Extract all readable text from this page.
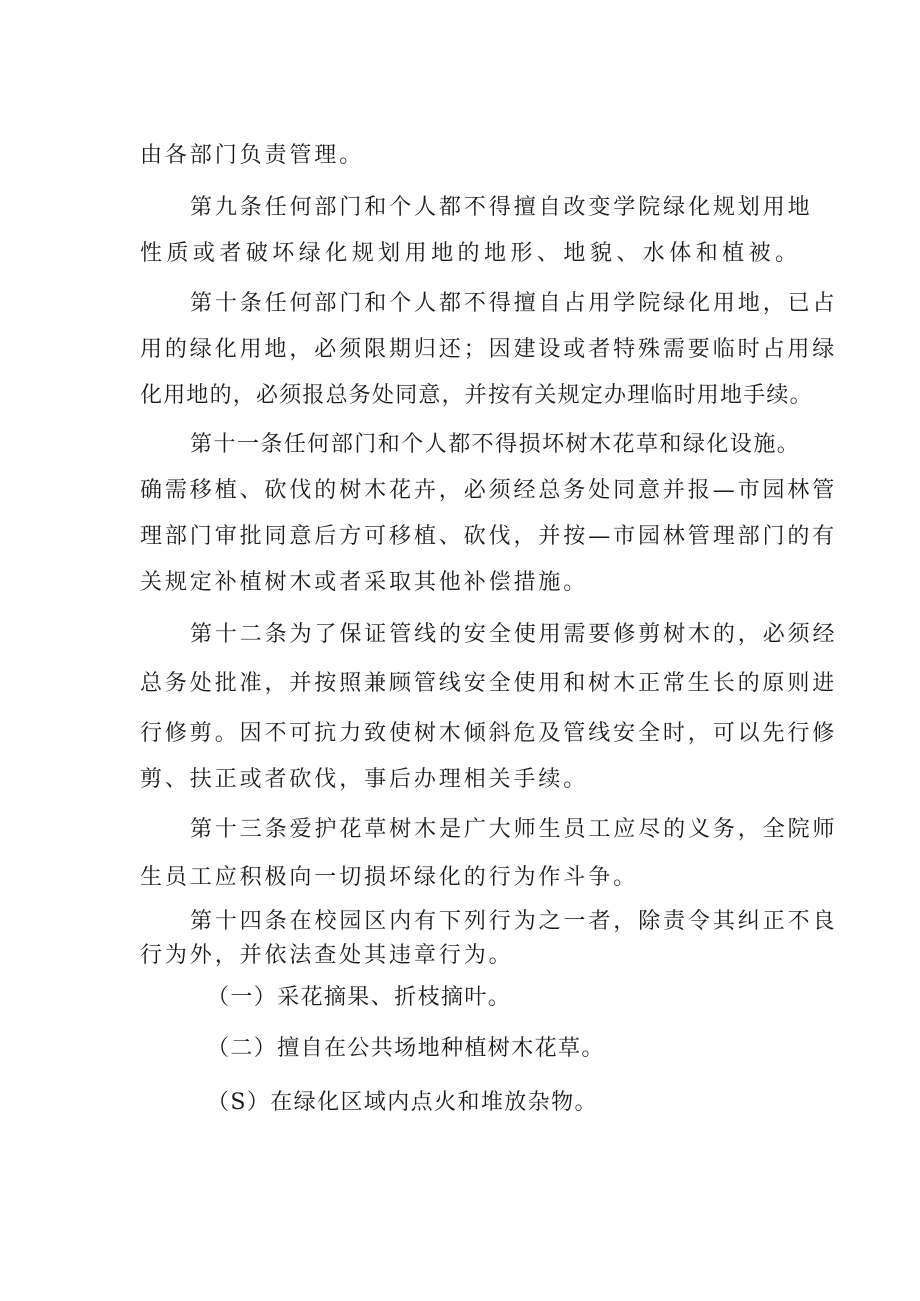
由各部门负责管理。
第九条任何部门和个人都不得擅自改变学院绿化规划用地
性质或者破坏绿化规划用地的地形、地貌、水体和植被。
第十条任何部门和个人都不得擅自占用学院绿化用地，已占
用的绿化用地，必须限期归还；因建设或者特殊需要临时占用绿
化用地的，必须报总务处同意，并按有关规定办理临时用地手续。
第十一条任何部门和个人都不得损坏树木花草和绿化设施。
确需移植、砍伐的树木花卉，必须经总务处同意并报—市园林管
理部门审批同意后方可移植、砍伐，并按—市园林管理部门的有
关规定补植树木或者采取其他补偿措施。
第十二条为了保证管线的安全使用需要修剪树木的，必须经
总务处批准，并按照兼顾管线安全使用和树木正常生长的原则进
行修剪。因不可抗力致使树木倾斜危及管线安全时，可以先行修
剪、扶正或者砍伐，事后办理相关手续。
第十三条爱护花草树木是广大师生员工应尽的义务，全院师
生员工应积极向一切损坏绿化的行为作斗争。
第十四条在校园区内有下列行为之一者，除责令其纠正不良
行为外，并依法查处其违章行为。
（一）采花摘果、折枝摘叶。
（二）擅自在公共场地种植树木花草。
（S）在绿化区域内点火和堆放杂物。
